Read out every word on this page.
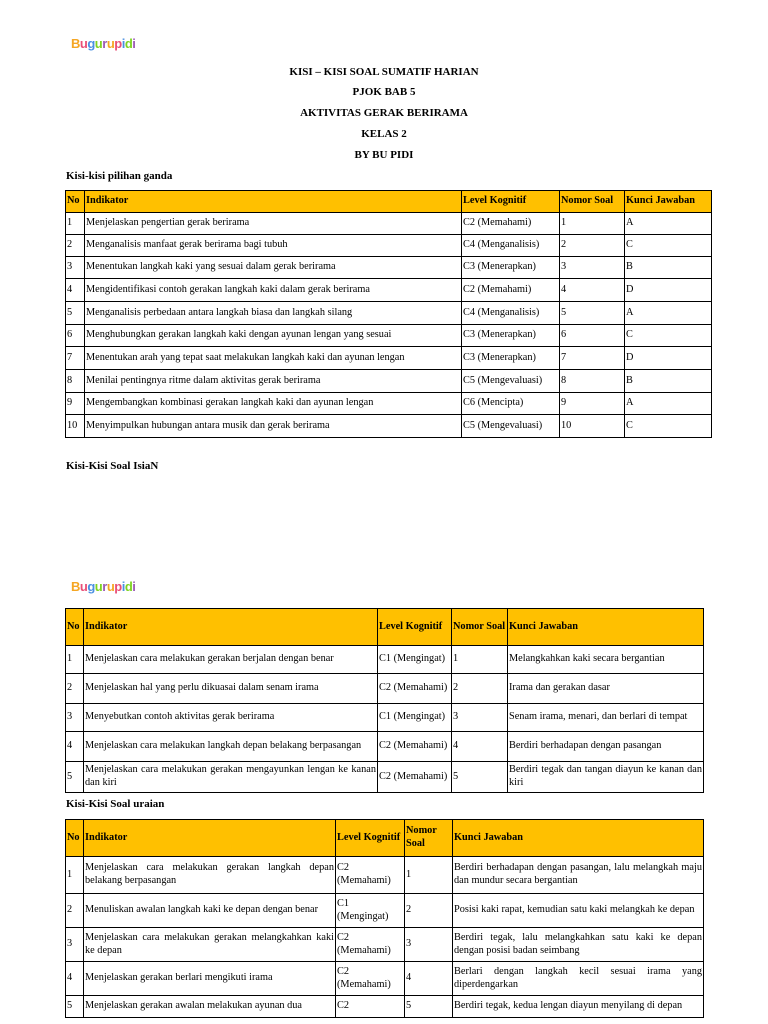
Bugurupidi
KISI – KISI SOAL SUMATIF HARIAN
PJOK BAB 5
AKTIVITAS GERAK BERIRAMA
KELAS 2
BY BU PIDI
Kisi-kisi pilihan ganda
No	Indikator	Level Kognitif	Nomor Soal	Kunci Jawaban
1	Menjelaskan pengertian gerak berirama	C2 (Memahami)	1	A
2	Menganalisis manfaat gerak berirama bagi tubuh	C4 (Menganalisis)	2	C
3	Menentukan langkah kaki yang sesuai dalam gerak berirama	C3 (Menerapkan)	3	B
4	Mengidentifikasi contoh gerakan langkah kaki dalam gerak berirama	C2 (Memahami)	4	D
5	Menganalisis perbedaan antara langkah biasa dan langkah silang	C4 (Menganalisis)	5	A
6	Menghubungkan gerakan langkah kaki dengan ayunan lengan yang sesuai	C3 (Menerapkan)	6	C
7	Menentukan arah yang tepat saat melakukan langkah kaki dan ayunan lengan	C3 (Menerapkan)	7	D
8	Menilai pentingnya ritme dalam aktivitas gerak berirama	C5 (Mengevaluasi)	8	B
9	Mengembangkan kombinasi gerakan langkah kaki dan ayunan lengan	C6 (Mencipta)	9	A
10	Menyimpulkan hubungan antara musik dan gerak berirama	C5 (Mengevaluasi)	10	C
Kisi-Kisi Soal IsiaN
Bugurupidi
No	Indikator	Level Kognitif	Nomor Soal	Kunci Jawaban
1	Menjelaskan cara melakukan gerakan berjalan dengan benar	C1 (Mengingat)	1	Melangkahkan kaki secara bergantian
2	Menjelaskan hal yang perlu dikuasai dalam senam irama	C2 (Memahami)	2	Irama dan gerakan dasar
3	Menyebutkan contoh aktivitas gerak berirama	C1 (Mengingat)	3	Senam irama, menari, dan berlari di tempat
4	Menjelaskan cara melakukan langkah depan belakang berpasangan	C2 (Memahami)	4	Berdiri berhadapan dengan pasangan
5	Menjelaskan cara melakukan gerakan mengayunkan lengan ke kanan dan kiri	C2 (Memahami)	5	Berdiri tegak dan tangan diayun ke kanan dan kiri
Kisi-Kisi Soal uraian
No	Indikator	Level Kognitif	Nomor Soal	Kunci Jawaban
1	Menjelaskan cara melakukan gerakan langkah depan belakang berpasangan	C2 (Memahami)	1	Berdiri berhadapan dengan pasangan, lalu melangkah maju dan mundur secara bergantian
2	Menuliskan awalan langkah kaki ke depan dengan benar	C1 (Mengingat)	2	Posisi kaki rapat, kemudian satu kaki melangkah ke depan
3	Menjelaskan cara melakukan gerakan melangkahkan kaki ke depan	C2 (Memahami)	3	Berdiri tegak, lalu melangkahkan satu kaki ke depan dengan posisi badan seimbang
4	Menjelaskan gerakan berlari mengikuti irama	C2 (Memahami)	4	Berlari dengan langkah kecil sesuai irama yang diperdengarkan
5	Menjelaskan gerakan awalan melakukan ayunan dua	C2	5	Berdiri tegak, kedua lengan diayun menyilang di depan
